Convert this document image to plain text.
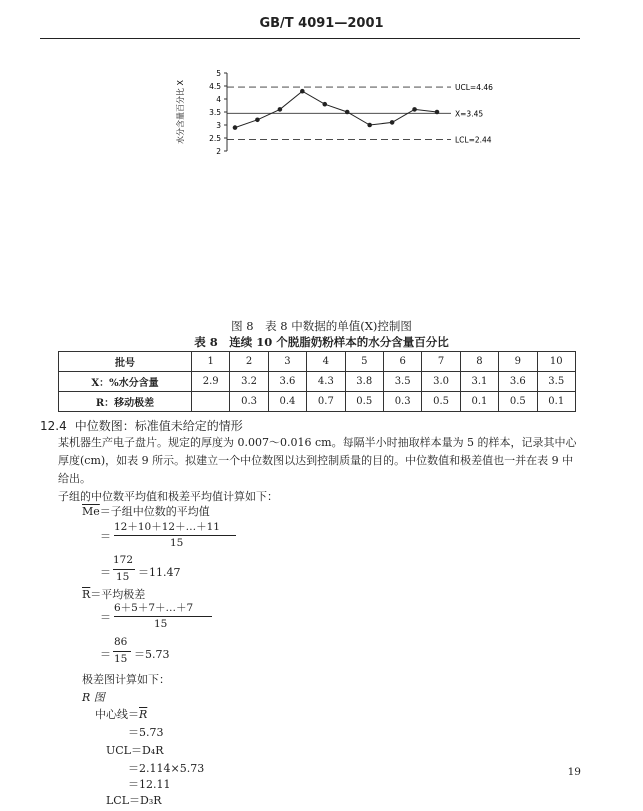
GB/T 4091—2001
水分含量百分比 X
5
4.5
4
3.5
3
2.5
2
UCL=4.46
X=3.45
LCL=2.44
图 8　表 8 中数据的单值(X)控制图
表 8　连续 10 个脱脂奶粉样本的水分含量百分比
批号	1	2	3	4	5	6	7	8	9	10
X：%水分含量	2.9	3.2	3.6	4.3	3.8	3.5	3.0	3.1	3.6	3.5
R：移动极差		0.3	0.4	0.7	0.5	0.3	0.5	0.1	0.5	0.1
12.4 中位数图：标准值未给定的情形
某机器生产电子盘片。规定的厚度为 0.007～0.016 cm。每隔半小时抽取样本量为 5 的样本，记录其中心厚度(cm)，如表 9 所示。拟建立一个中位数图以达到控制质量的目的。中位数值和极差值也一并在表 9 中给出。
子组的中位数平均值和极差平均值计算如下：
$\overline{Me}=$子组中位数的平均值
＝
12＋10＋12＋…＋11
15
＝
172
15 ＝11.47
$\overline{R}=$平均极差
＝
6＋5＋7＋…＋7
15
＝
86
15 ＝5.73
极差图计算如下：
R 图
中心线$=\overline{R}$
＝5.73
UCL＝D₄R
＝2.114×5.73	19
＝12.11
LCL＝D₃R
